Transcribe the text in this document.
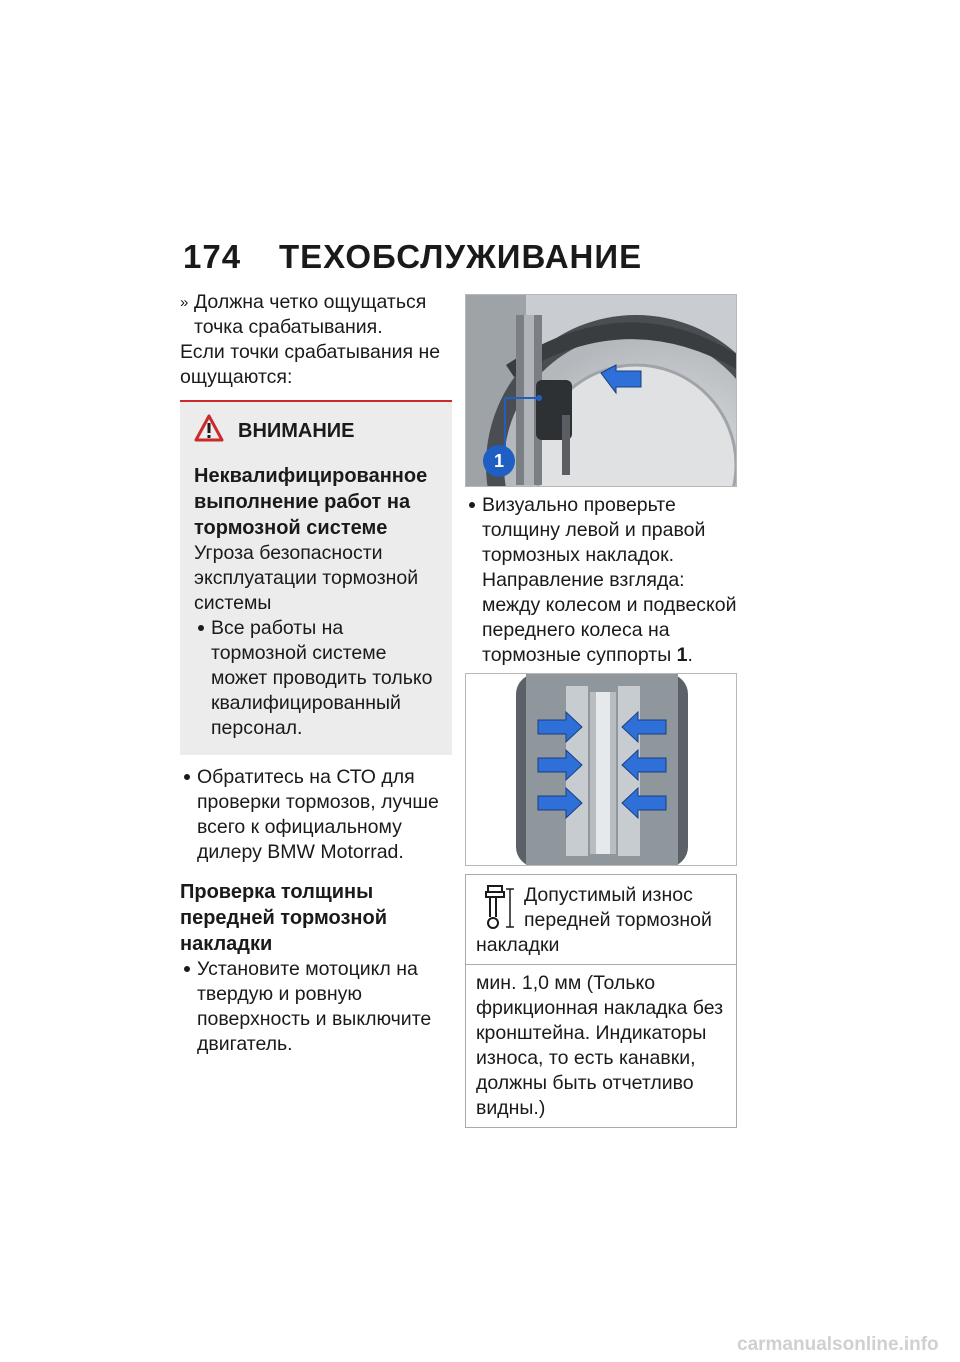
174 ТЕХОБСЛУЖИВАНИЕ

» Должна четко ощущаться точка срабатывания.

Если точки срабатывания не ощущаются:

ВНИМАНИЕ

Неквалифицированное выполнение работ на тормозной системе

Угроза безопасности эксплуатации тормозной системы

Все работы на тормозной системе может проводить только квалифицированный персонал.

Обратитесь на СТО для проверки тормозов, лучше всего к официальному дилеру BMW Motorrad.

Проверка толщины передней тормозной накладки

Установите мотоцикл на твердую и ровную поверхность и выключите двигатель.

1

Визуально проверьте толщину левой и правой тормозных накладок. Направление взгляда: между колесом и подвеской переднего колеса на тормозные суппорты 1.

Допустимый износ передней тормозной накладки
мин. 1,0 мм (Только фрикционная накладка без кронштейна. Индикаторы износа, то есть канавки, должны быть отчетливо видны.)
carmanualsonline.info
